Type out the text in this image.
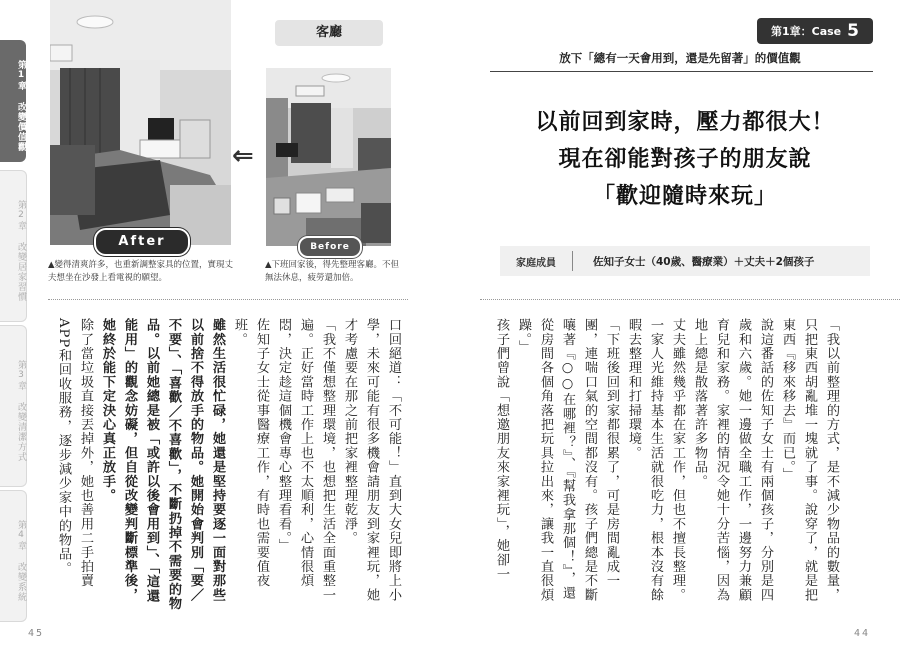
第1章 改變價值觀
第2章 改變居家習慣
第3章 改變清潔方式
第4章 改變系統
After
⇐
客廳
Before
▲變得清爽許多，也重新調整家具的位置，實現丈夫想坐在沙發上看電視的願望。
▲下班回家後，得先整理客廳。不但無法休息，疲勞還加倍。

口回絕道：「不可能！」直到大女兒即將上小學，未來可能有很多機會請朋友到家裡玩，她才考慮要在那之前把家裡整理乾淨。

「我不僅想整理環境，也想把生活全面重整一遍。正好當時工作上也不太順利，心情很煩悶，決定趁這個機會專心整理看看。」

佐知子女士從事醫療工作，有時也需要值夜班。

雖然生活很忙碌，她還是堅持要逐一面對那些以前捨不得放手的物品。她開始會判別「要／不要」、「喜歡／不喜歡」，不斷扔掉不需要的物品。以前她總是被「或許以後會用到」、「這還能用」的觀念妨礙，但自從改變判斷標準後，她終於能下定決心真正放手。

除了當垃圾直接丟掉外，她也善用二手拍賣APP和回收服務，逐步減少家中的物品。

45
第1章：Case 5
放下「總有一天會用到，還是先留著」的價值觀
以前回到家時，壓力都很大！
現在卻能對孩子的朋友說
「歡迎隨時來玩」
家庭成員	佐知子女士（40歲、醫療業）＋丈夫＋2個孩子

「我以前整理的方式，是不減少物品的數量，只把東西胡亂堆一塊就了事。說穿了，就是把東西『移來移去』而已。」

說這番話的佐知子女士有兩個孩子，分別是四歲和六歲。她一邊做全職工作，一邊努力兼顧育兒和家務。家裡的情況令她十分苦惱，因為地上總是散落著許多物品。

丈夫雖然幾乎都在家工作，但也不擅長整理。一家人光維持基本生活就很吃力，根本沒有餘暇去整理和打掃環境。

「下班後回到家都很累了，可是房間亂成一團，連喘口氣的空間都沒有。孩子們總是不斷嚷著『○○在哪裡？』、『幫我拿那個！』，還從房間各個角落把玩具拉出來，讓我一直很煩躁。」

孩子們曾說「想邀朋友來家裡玩」，她卻一

44
